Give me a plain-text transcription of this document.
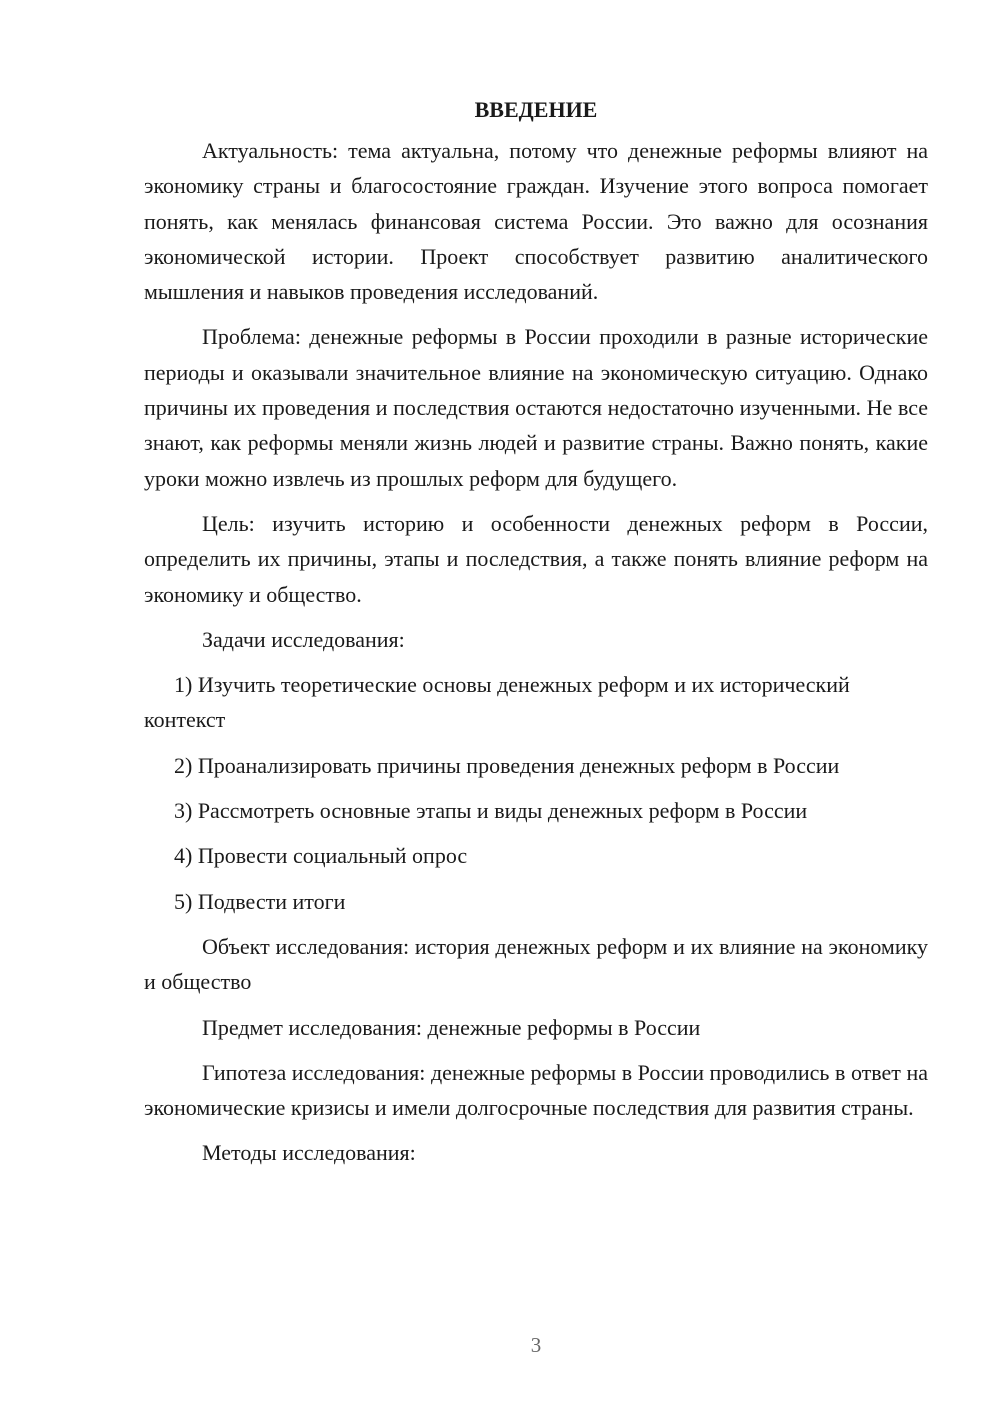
ВВЕДЕНИЕ

Актуальность: тема актуальна, потому что денежные реформы влияют на экономику страны и благосостояние граждан. Изучение этого вопроса помогает понять, как менялась финансовая система России. Это важно для осознания экономической истории. Проект способствует развитию аналитического мышления и навыков проведения исследований.

Проблема: денежные реформы в России проходили в разные исторические периоды и оказывали значительное влияние на экономическую ситуацию. Однако причины их проведения и последствия остаются недостаточно изученными. Не все знают, как реформы меняли жизнь людей и развитие страны. Важно понять, какие уроки можно извлечь из прошлых реформ для будущего.

Цель: изучить историю и особенности денежных реформ в России, определить их причины, этапы и последствия, а также понять влияние реформ на экономику и общество.

Задачи исследования:

1) Изучить теоретические основы денежных реформ и их исторический контекст

2) Проанализировать причины проведения денежных реформ в России

3) Рассмотреть основные этапы и виды денежных реформ в России

4) Провести социальный опрос

5) Подвести итоги

Объект исследования: история денежных реформ и их влияние на экономику и общество

Предмет исследования: денежные реформы в России

Гипотеза исследования: денежные реформы в России проводились в ответ на экономические кризисы и имели долгосрочные последствия для развития страны.

Методы исследования:

3
